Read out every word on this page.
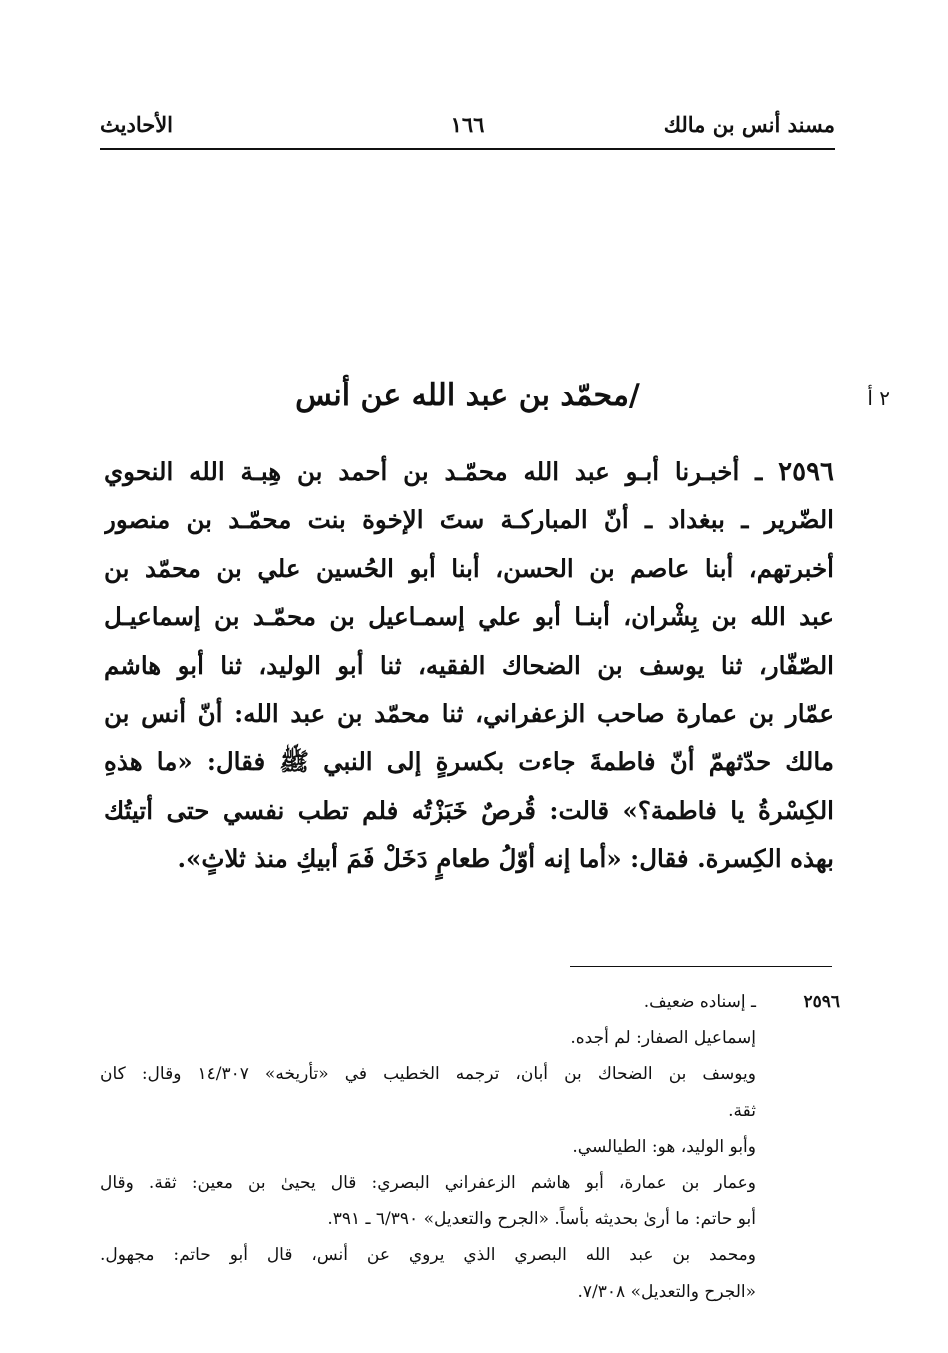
مسند أنس بن مالك
١٦٦
الأحاديث
٢ أ
/محمّد بن عبد الله عن أنس
٢٥٩٦ ـ أخبـرنا أبـو عبد الله محمّـد بن أحمد بن هِبـة الله النحوي
الضّرير ـ ببغداد ـ أنّ المباركـة ستَ الإخوة بنت محمّـد بن منصور
أخبرتهم، أبنا عاصم بن الحسن، أبنا أبو الحُسين علي بن محمّد بن
عبد الله بن بِشْران، أبنـا أبو علي إسمـاعيل بن محمّـد بن إسماعيـل
الصّفّار، ثنا يوسف بن الضحاك الفقيه، ثنا أبو الوليد، ثنا أبو هاشم
عمّار بن عمارة صاحب الزعفراني، ثنا محمّد بن عبد الله: أنّ أنس بن
مالك حدّثهمّ أنّ فاطمةَ جاءت بكسرةٍ إلى النبي ﷺ فقال: «ما هذهِ
الكِسْرةُ يا فاطمة؟» قالت: قُرصٌ خَبَزْتُه فلم تطب نفسي حتى أتيتُك
بهذه الكِسرة. فقال: «أما إنه أوّلُ طعامٍ دَخَلْ فَمَ أبيكِ منذ ثلاثٍ».
٢٥٩٦ـ إسناده ضعيف.
إسماعيل الصفار: لم أجده.
ويوسف بن الضحاك بن أبان، ترجمه الخطيب في «تأريخه» ١٤/٣٠٧ وقال: كان
ثقة.
وأبو الوليد، هو: الطيالسي.
وعمار بن عمارة، أبو هاشم الزعفراني البصري: قال يحيىٰ بن معين: ثقة. وقال
أبو حاتم: ما أرىٰ بحديثه بأساً. «الجرح والتعديل» ٦/٣٩٠ ـ ٣٩١.
ومحمد بن عبد الله البصري الذي يروي عن أنس، قال أبو حاتم: مجهول.
«الجرح والتعديل» ٧/٣٠٨.
